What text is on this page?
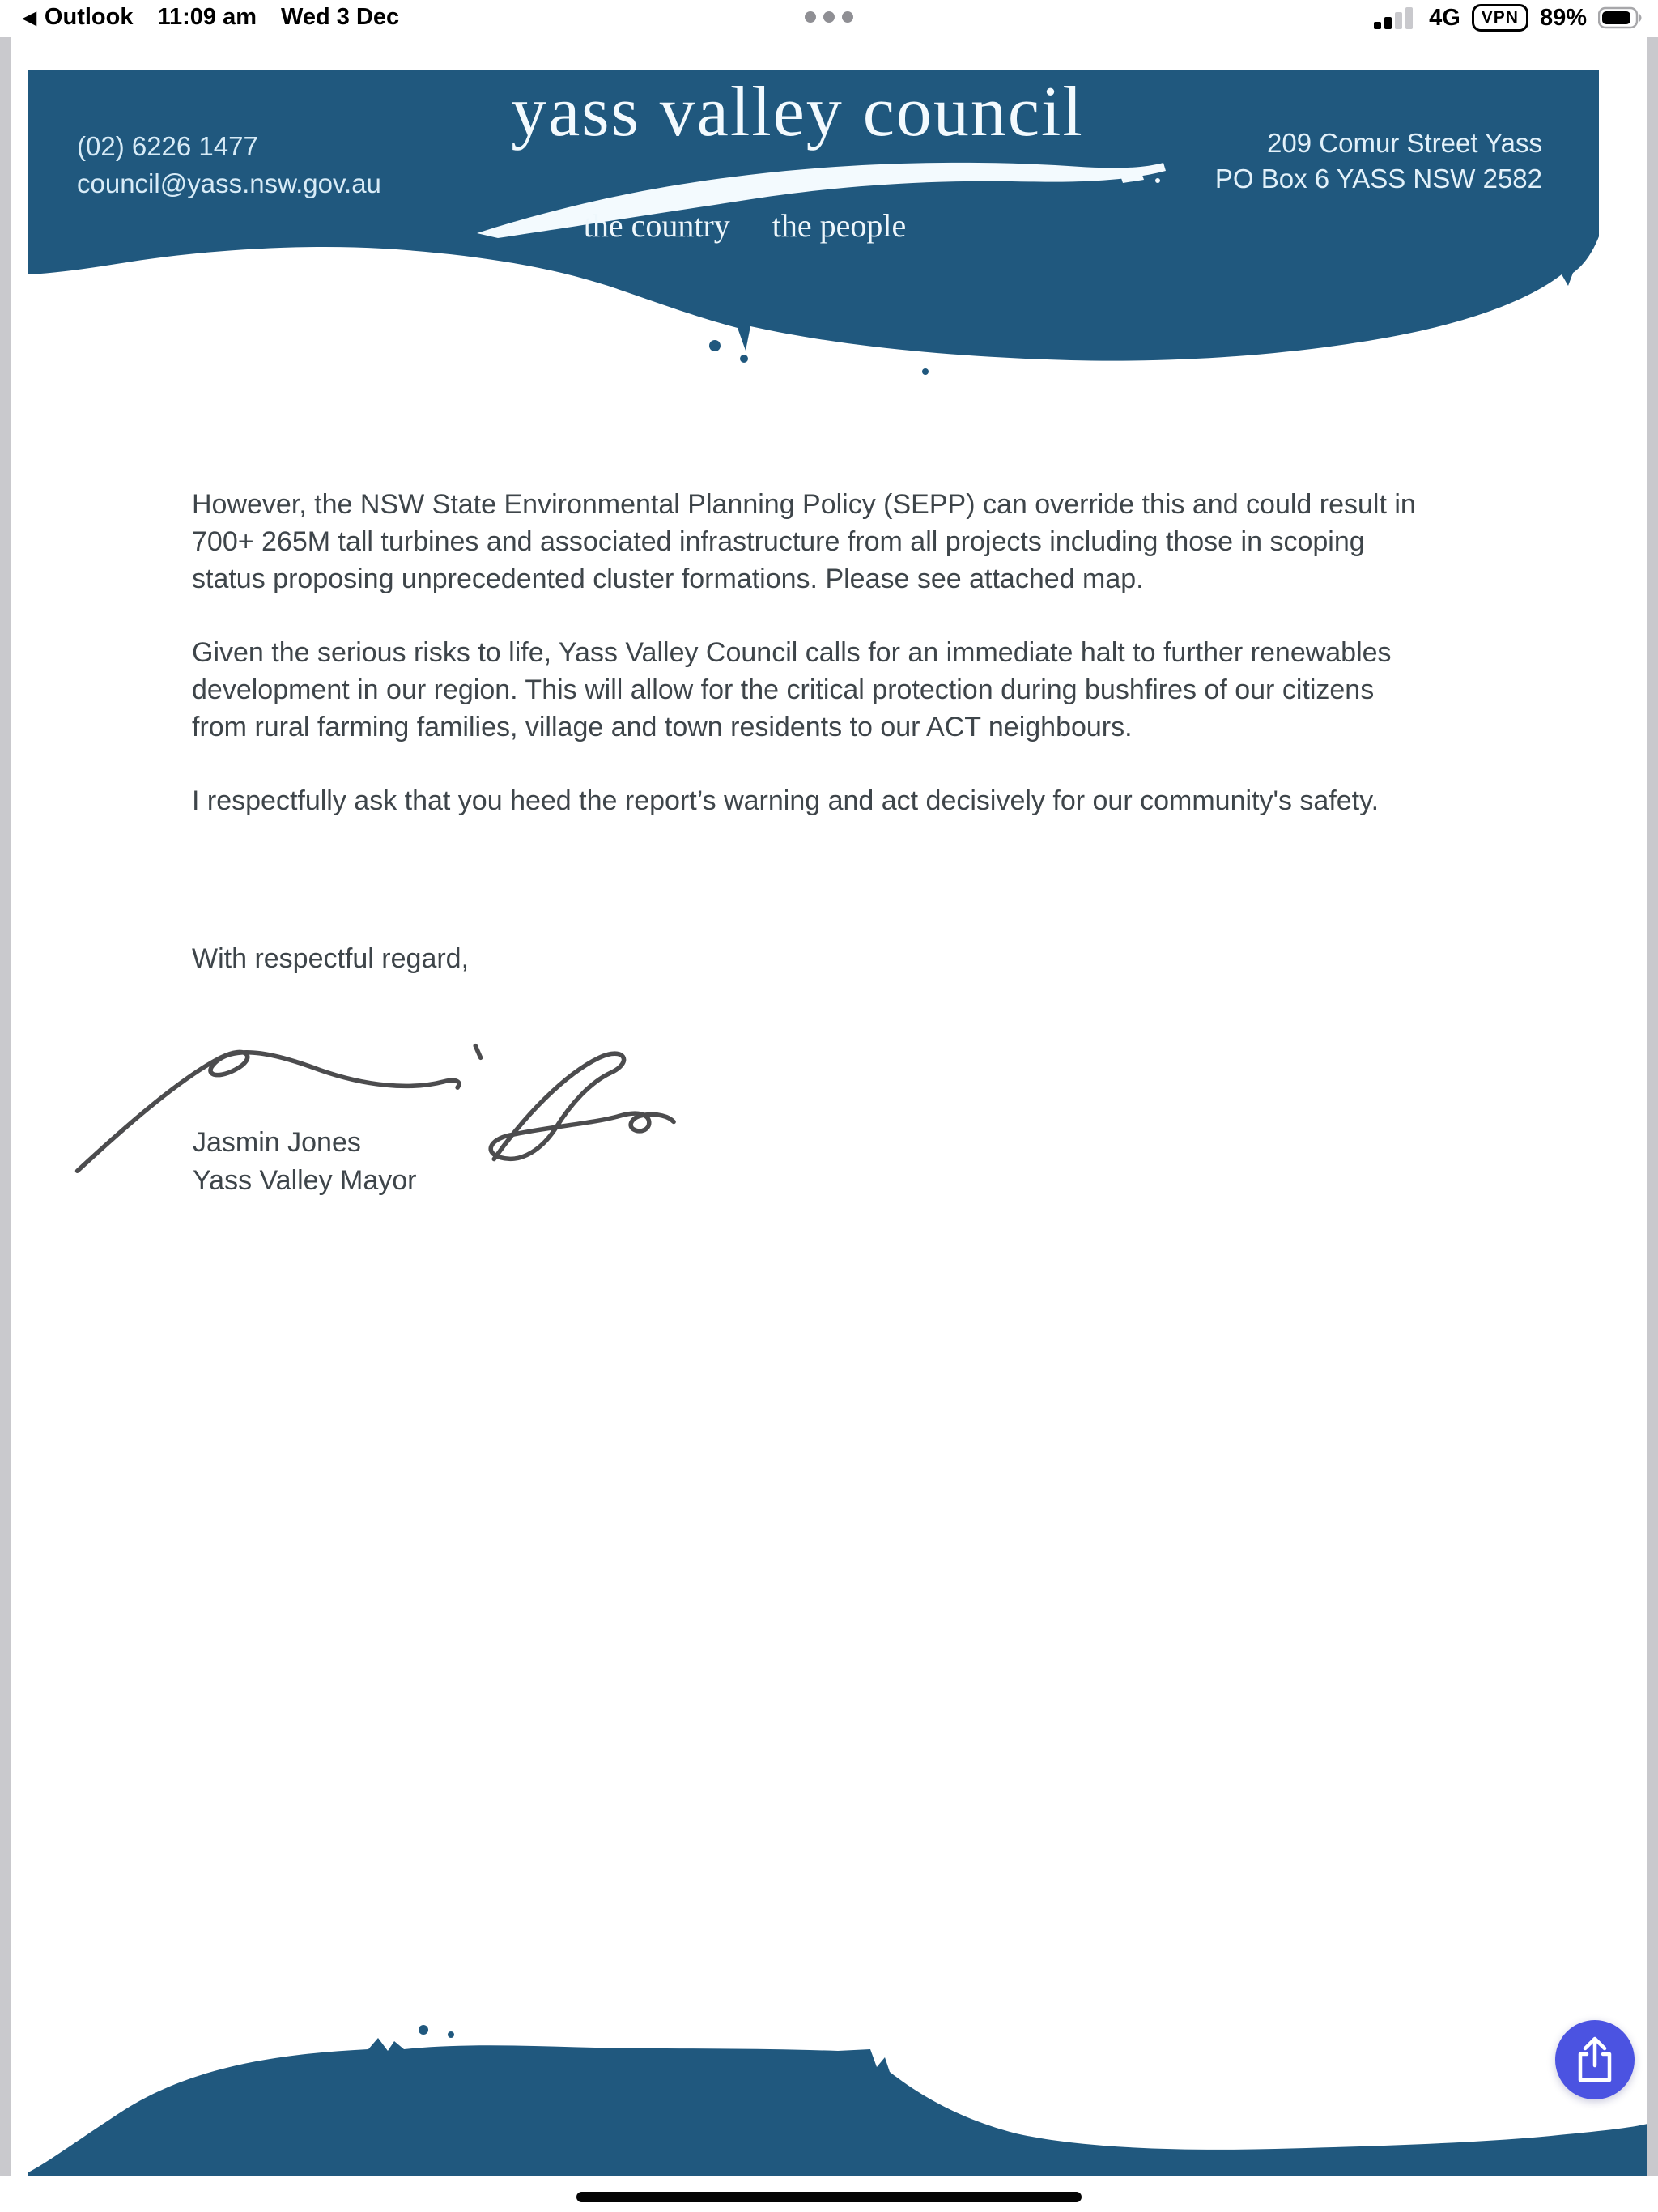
◀ Outlook 11:09 am Wed 3 Dec	4G	VPN 89%
yass valley council
the country the people
(02) 6226 1477
council@yass.nsw.gov.au
209 Comur Street Yass
PO Box 6 YASS NSW 2582

However, the NSW State Environmental Planning Policy (SEPP) can override this and could result in 700+ 265M tall turbines and associated infrastructure from all projects including those in scoping status proposing unprecedented cluster formations. Please see attached map.

Given the serious risks to life, Yass Valley Council calls for an immediate halt to further renewables development in our region. This will allow for the critical protection during bushfires of our citizens from rural farming families, village and town residents to our ACT neighbours.

I respectfully ask that you heed the report’s warning and act decisively for our community's safety.

With respectful regard,
Jasmin Jones
Yass Valley Mayor
